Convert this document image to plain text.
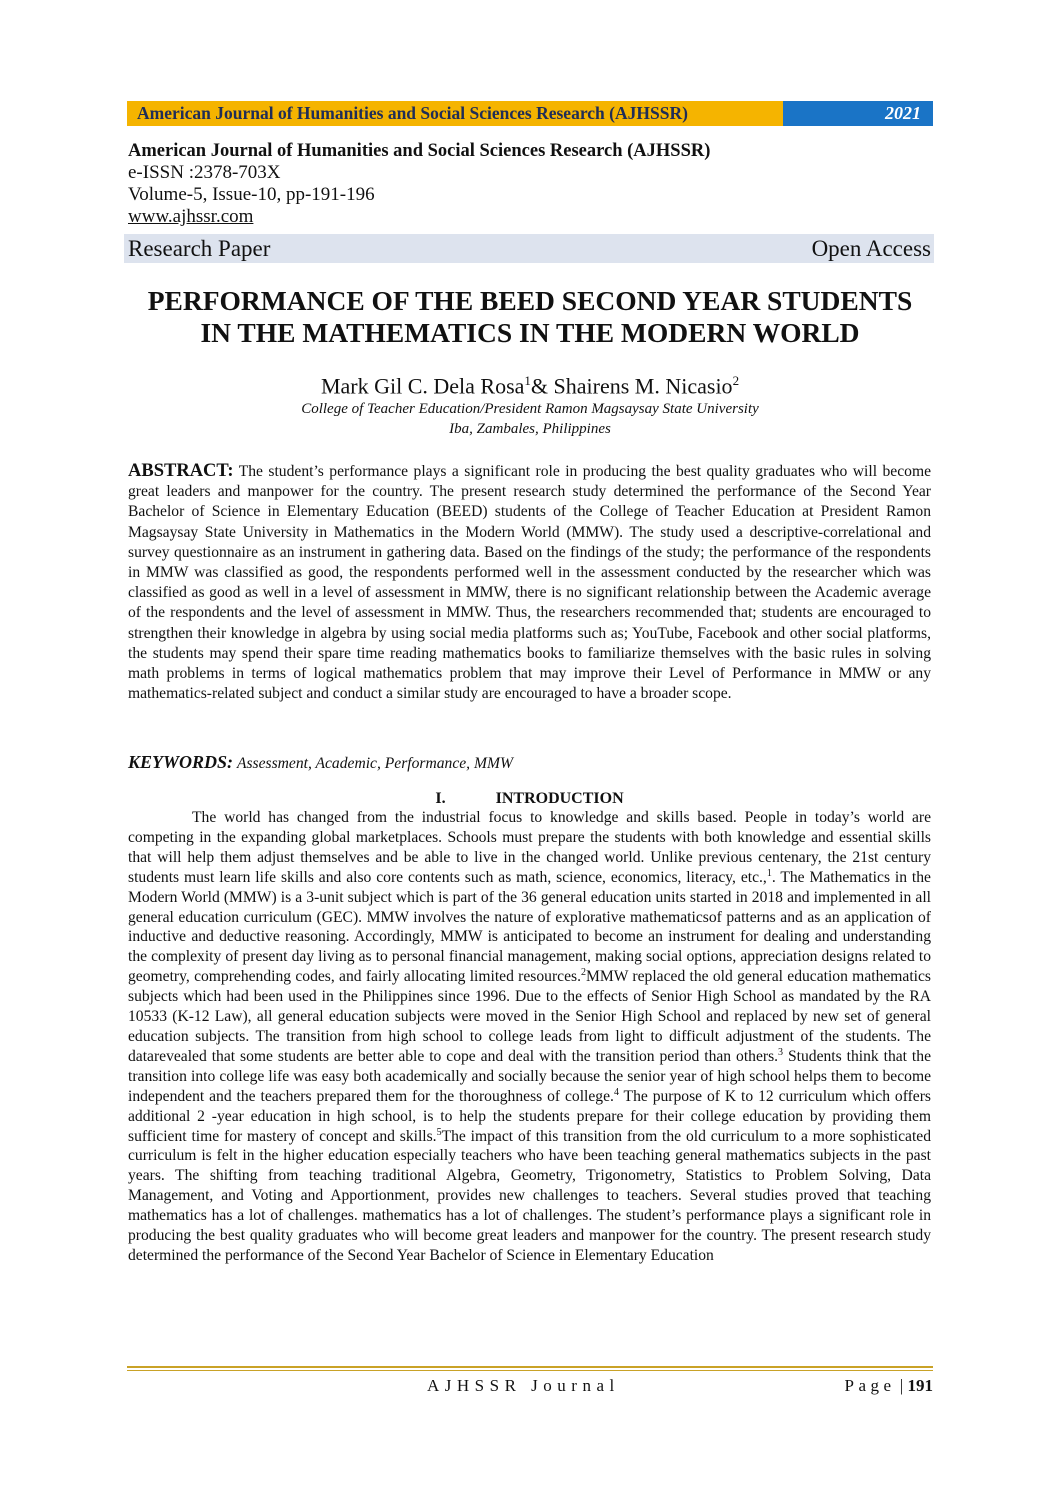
American Journal of Humanities and Social Sciences Research (AJHSSR)	2021
American Journal of Humanities and Social Sciences Research (AJHSSR)
e-ISSN :2378-703X
Volume-5, Issue-10, pp-191-196
www.ajhssr.com
Research Paper	Open Access
PERFORMANCE OF THE BEED SECOND YEAR STUDENTS
IN THE MATHEMATICS IN THE MODERN WORLD
Mark Gil C. Dela Rosa$^1$& Shairens M. Nicasio$^2$
College of Teacher Education/President Ramon Magsaysay State University
Iba, Zambales, Philippines
ABSTRACT: The student’s performance plays a significant role in producing the best quality graduates who will become great leaders and manpower for the country. The present research study determined the performance of the Second Year Bachelor of Science in Elementary Education (BEED) students of the College of Teacher Education at President Ramon Magsaysay State University in Mathematics in the Modern World (MMW). The study used a descriptive-correlational and survey questionnaire as an instrument in gathering data. Based on the findings of the study; the performance of the respondents in MMW was classified as good, the respondents performed well in the assessment conducted by the researcher which was classified as good as well in a level of assessment in MMW, there is no significant relationship between the Academic average of the respondents and the level of assessment in MMW. Thus, the researchers recommended that; students are encouraged to strengthen their knowledge in algebra by using social media platforms such as; YouTube, Facebook and other social platforms, the students may spend their spare time reading mathematics books to familiarize themselves with the basic rules in solving math problems in terms of logical mathematics problem that may improve their Level of Performance in MMW or any mathematics-related subject and conduct a similar study are encouraged to have a broader scope.
KEYWORDS: Assessment, Academic, Performance, MMW
I.	INTRODUCTION
The world has changed from the industrial focus to knowledge and skills based. People in today’s world are competing in the expanding global marketplaces. Schools must prepare the students with both knowledge and essential skills that will help them adjust themselves and be able to live in the changed world. Unlike previous centenary, the 21st century students must learn life skills and also core contents such as math, science, economics, literacy, etc.,$^1$. The Mathematics in the Modern World (MMW) is a 3-unit subject which is part of the 36 general education units started in 2018 and implemented in all general education curriculum (GEC). MMW involves the nature of explorative mathematicsof patterns and as an application of inductive and deductive reasoning. Accordingly, MMW is anticipated to become an instrument for dealing and understanding the complexity of present day living as to personal financial management, making social options, appreciation designs related to geometry, comprehending codes, and fairly allocating limited resources.$^2$MMW replaced the old general education mathematics subjects which had been used in the Philippines since 1996. Due to the effects of Senior High School as mandated by the RA 10533 (K-12 Law), all general education subjects were moved in the Senior High School and replaced by new set of general education subjects. The transition from high school to college leads from light to difficult adjustment of the students. The datarevealed that some students are better able to cope and deal with the transition period than others.$^3$ Students think that the transition into college life was easy both academically and socially because the senior year of high school helps them to become independent and the teachers prepared them for the thoroughness of college.$^4$ The purpose of K to 12 curriculum which offers additional 2 -year education in high school, is to help the students prepare for their college education by providing them sufficient time for mastery of concept and skills.$^5$The impact of this transition from the old curriculum to a more sophisticated curriculum is felt in the higher education especially teachers who have been teaching general mathematics subjects in the past years. The shifting from teaching traditional Algebra, Geometry, Trigonometry, Statistics to Problem Solving, Data Management, and Voting and Apportionment, provides new challenges to teachers. Several studies proved that teaching mathematics has a lot of challenges. mathematics has a lot of challenges. The student’s performance plays a significant role in producing the best quality graduates who will become great leaders and manpower for the country. The present research study determined the performance of the Second Year Bachelor of Science in Elementary Education
AJHSSR Journal	Page | 191
